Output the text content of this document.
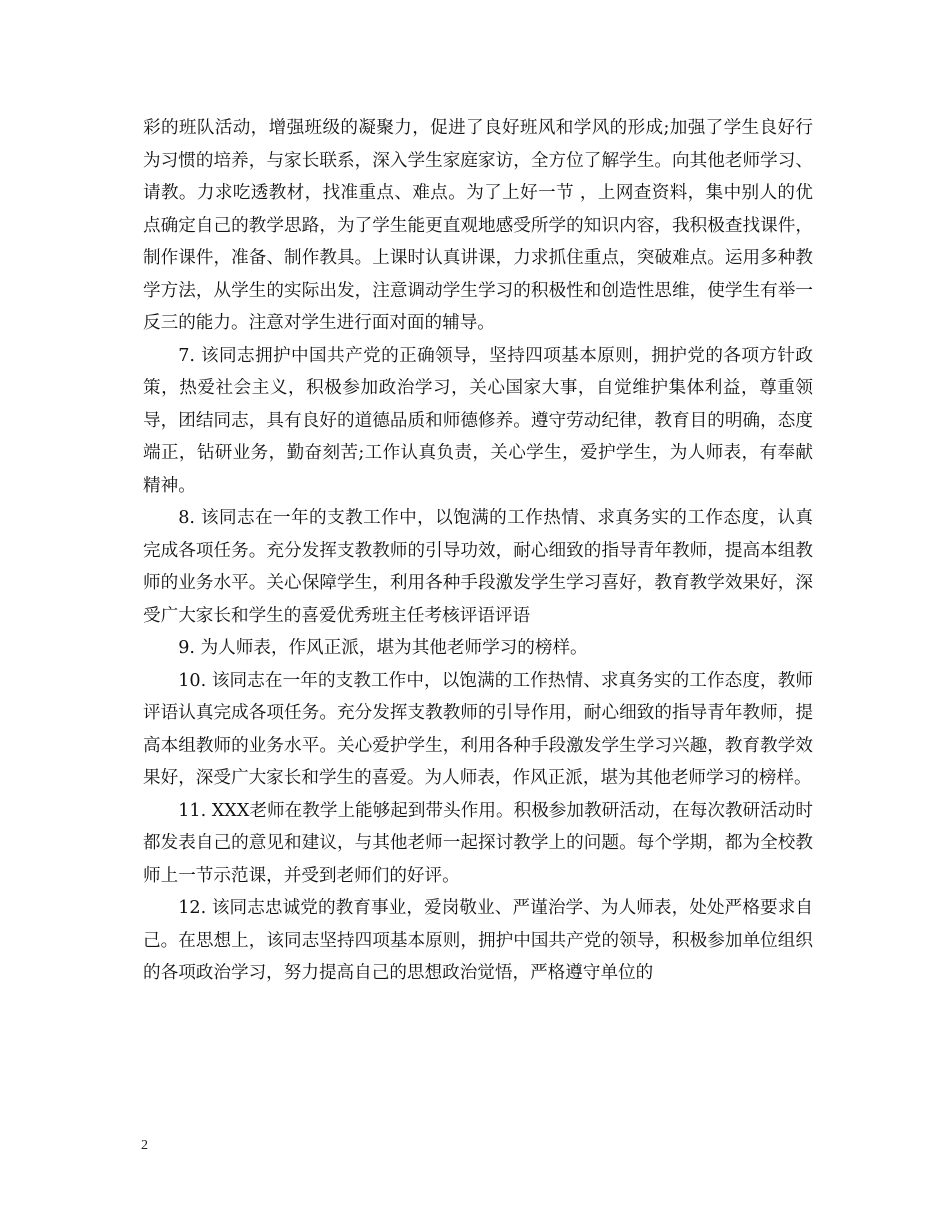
彩的班队活动，增强班级的凝聚力，促进了良好班风和学风的形成;加强了学生良好行为习惯的培养，与家长联系，深入学生家庭家访，全方位了解学生。向其他老师学习、请教。力求吃透教材，找准重点、难点。为了上好一节 ，上网查资料，集中别人的优点确定自己的教学思路，为了学生能更直观地感受所学的知识内容，我积极查找课件，制作课件，准备、制作教具。上课时认真讲课，力求抓住重点，突破难点。运用多种教学方法，从学生的实际出发，注意调动学生学习的积极性和创造性思维，使学生有举一反三的能力。注意对学生进行面对面的辅导。

7. 该同志拥护中国共产党的正确领导，坚持四项基本原则，拥护党的各项方针政策，热爱社会主义，积极参加政治学习，关心国家大事，自觉维护集体利益，尊重领导，团结同志，具有良好的道德品质和师德修养。遵守劳动纪律，教育目的明确，态度端正，钻研业务，勤奋刻苦;工作认真负责，关心学生，爱护学生，为人师表，有奉献精神。

8. 该同志在一年的支教工作中，以饱满的工作热情、求真务实的工作态度，认真完成各项任务。充分发挥支教教师的引导功效，耐心细致的指导青年教师，提高本组教师的业务水平。关心保障学生，利用各种手段激发学生学习喜好，教育教学效果好，深受广大家长和学生的喜爱优秀班主任考核评语评语

9. 为人师表，作风正派，堪为其他老师学习的榜样。

10. 该同志在一年的支教工作中，以饱满的工作热情、求真务实的工作态度，教师评语认真完成各项任务。充分发挥支教教师的引导作用，耐心细致的指导青年教师，提高本组教师的业务水平。关心爱护学生，利用各种手段激发学生学习兴趣，教育教学效果好，深受广大家长和学生的喜爱。为人师表，作风正派，堪为其他老师学习的榜样。

11. XXX老师在教学上能够起到带头作用。积极参加教研活动，在每次教研活动时都发表自己的意见和建议，与其他老师一起探讨教学上的问题。每个学期，都为全校教师上一节示范课，并受到老师们的好评。

12. 该同志忠诚党的教育事业，爱岗敬业、严谨治学、为人师表，处处严格要求自己。在思想上，该同志坚持四项基本原则，拥护中国共产党的领导，积极参加单位组织的各项政治学习，努力提高自己的思想政治觉悟，严格遵守单位的

2
